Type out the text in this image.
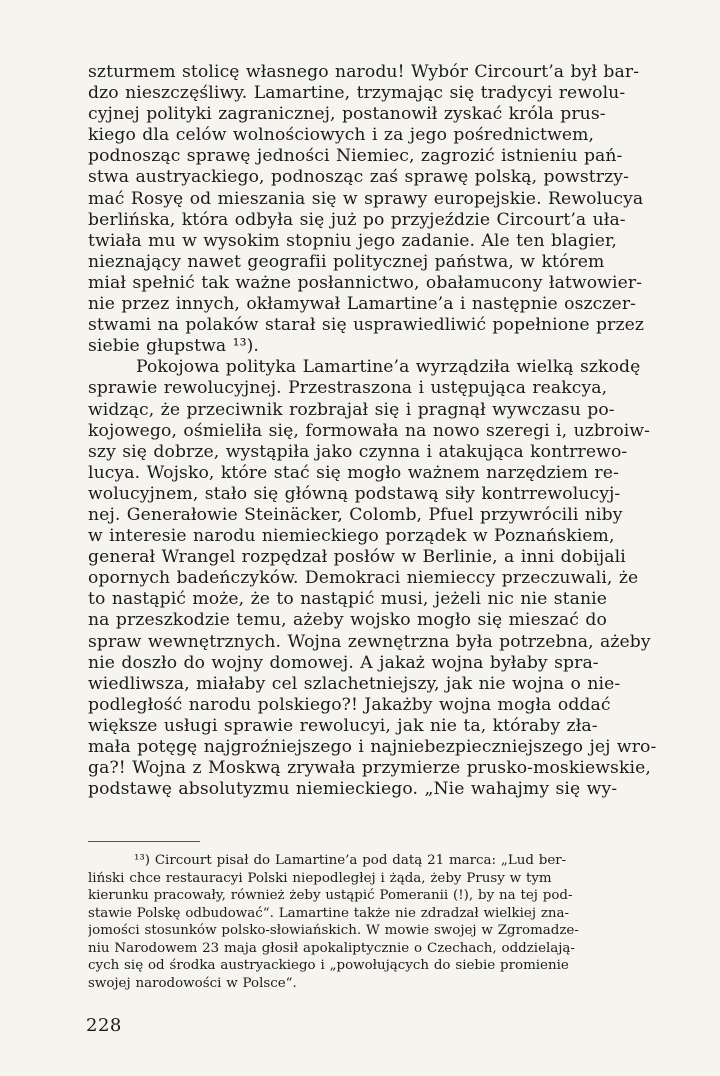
szturmem stolicę własnego narodu! Wybór Circourt’a był bar-
dzo nieszczęśliwy. Lamartine, trzymając się tradycyi rewolu-
cyjnej polityki zagranicznej, postanowił zyskać króla prus-
kiego dla celów wolnościowych i za jego pośrednictwem,
podnosząc sprawę jedności Niemiec, zagrozić istnieniu pań-
stwa austryackiego, podnosząc zaś sprawę polską, powstrzy-
mać Rosyę od mieszania się w sprawy europejskie. Rewolucya
berlińska, która odbyła się już po przyjeździe Circourt’a uła-
twiała mu w wysokim stopniu jego zadanie. Ale ten blagier,
nieznający nawet geografii politycznej państwa, w którem
miał spełnić tak ważne posłannictwo, obałamucony łatwowier-
nie przez innych, okłamywał Lamartine’a i następnie oszczer-
stwami na polaków starał się usprawiedliwić popełnione przez
siebie głupstwa ¹³).
Pokojowa polityka Lamartine’a wyrządziła wielką szkodę
sprawie rewolucyjnej. Przestraszona i ustępująca reakcya,
widząc, że przeciwnik rozbrajał się i pragnął wywczasu po-
kojowego, ośmieliła się, formowała na nowo szeregi i, uzbroiw-
szy się dobrze, wystąpiła jako czynna i atakująca kontrrewo-
lucya. Wojsko, które stać się mogło ważnem narzędziem re-
wolucyjnem, stało się główną podstawą siły kontrrewolucyj-
nej. Generałowie Steinäcker, Colomb, Pfuel przywrócili niby
w interesie narodu niemieckiego porządek w Poznańskiem,
generał Wrangel rozpędzał posłów w Berlinie, a inni dobijali
opornych badeńczyków. Demokraci niemieccy przeczuwali, że
to nastąpić może, że to nastąpić musi, jeżeli nic nie stanie
na przeszkodzie temu, ażeby wojsko mogło się mieszać do
spraw wewnętrznych. Wojna zewnętrzna była potrzebna, ażeby
nie doszło do wojny domowej. A jakaż wojna byłaby spra-
wiedliwsza, miałaby cel szlachetniejszy, jak nie wojna o nie-
podległość narodu polskiego?! Jakażby wojna mogła oddać
większe usługi sprawie rewolucyi, jak nie ta, któraby zła-
mała potęgę najgroźniejszego i najniebezpieczniejszego jej wro-
ga?! Wojna z Moskwą zrywała przymierze prusko-moskiewskie,
podstawę absolutyzmu niemieckiego. „Nie wahajmy się wy-
¹³) Circourt pisał do Lamartine’a pod datą 21 marca: „Lud ber-
liński chce restauracyi Polski niepodległej i żąda, żeby Prusy w tym
kierunku pracowały, również żeby ustąpić Pomeranii (!), by na tej pod-
stawie Polskę odbudować“. Lamartine także nie zdradzał wielkiej zna-
jomości stosunków polsko-słowiańskich. W mowie swojej w Zgromadze-
niu Narodowem 23 maja głosił apokaliptycznie o Czechach, oddzielają-
cych się od środka austryackiego i „powołujących do siebie promienie
swojej narodowości w Polsce“.
228
